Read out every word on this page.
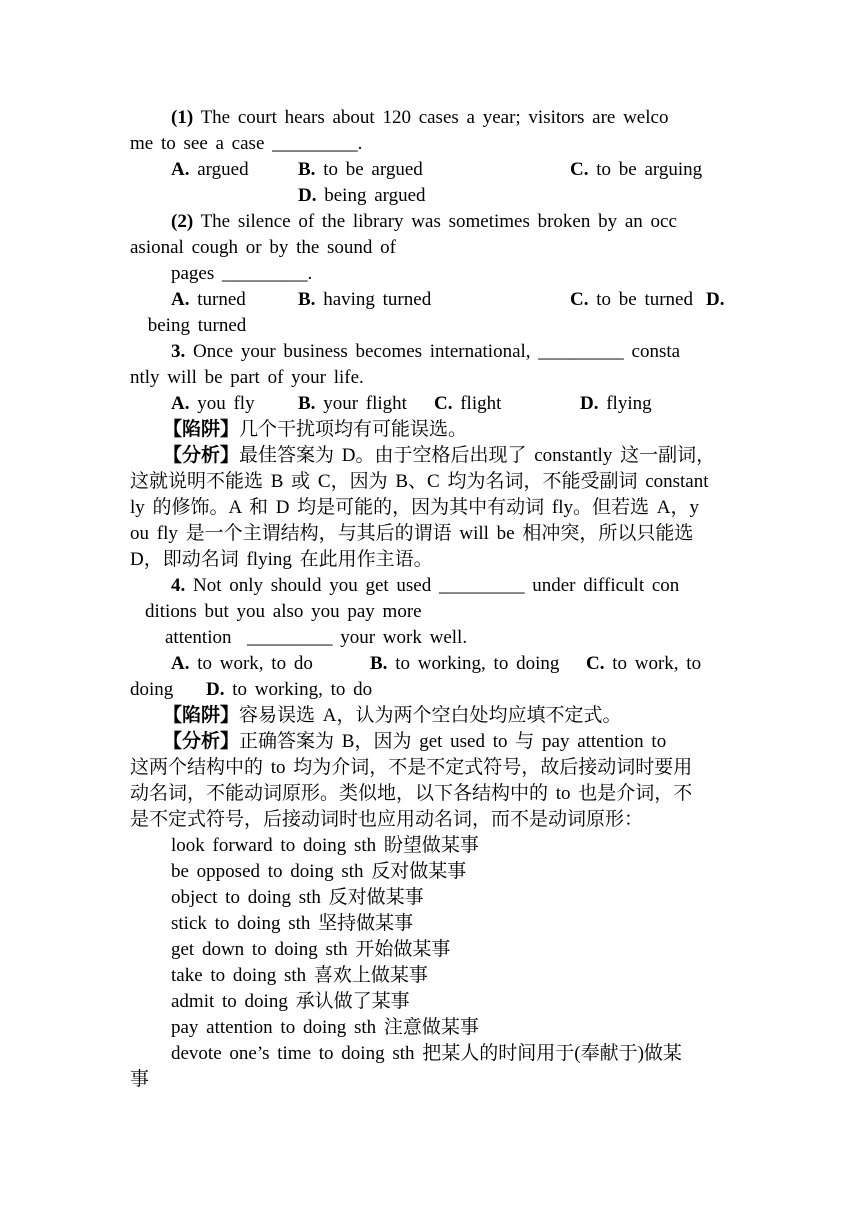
(1) The court hears about 120 cases a year; visitors are welco
me to see a case _________.
A. argued	B. to be argued	C. to be arguing
D. being argued
(2) The silence of the library was sometimes broken by an occ
asional cough or by the sound of
pages _________.
A. turned	B. having turned	C. to be turned D.
being turned
3. Once your business becomes international, _________ consta
ntly will be part of your life.
A. you fly B. your flight C. flight	D. flying
【陷阱】几个干扰项均有可能误选。
【分析】最佳答案为 D。由于空格后出现了 constantly 这一副词，
这就说明不能选 B 或 C，因为 B、C 均为名词，不能受副词 constant
ly 的修饰。A 和 D 均是可能的，因为其中有动词 fly。但若选 A，y
ou fly 是一个主谓结构，与其后的谓语 will be 相冲突，所以只能选
D，即动名词 flying 在此用作主语。
4. Not only should you get used _________ under difficult con
ditions but you also you pay more
attention  _________ your work well.
A. to work, to do	B. to working, to doing C. to work, to
doing D. to working, to do
【陷阱】容易误选 A，认为两个空白处均应填不定式。
【分析】正确答案为 B，因为 get used to 与 pay attention to
这两个结构中的 to 均为介词，不是不定式符号，故后接动词时要用
动名词，不能动词原形。类似地，以下各结构中的 to 也是介词，不
是不定式符号，后接动词时也应用动名词，而不是动词原形：
look forward to doing sth 盼望做某事
be opposed to doing sth 反对做某事
object to doing sth 反对做某事
stick to doing sth 坚持做某事
get down to doing sth 开始做某事
take to doing sth 喜欢上做某事
admit to doing 承认做了某事
pay attention to doing sth 注意做某事
devote one’s time to doing sth 把某人的时间用于(奉献于)做某
事
